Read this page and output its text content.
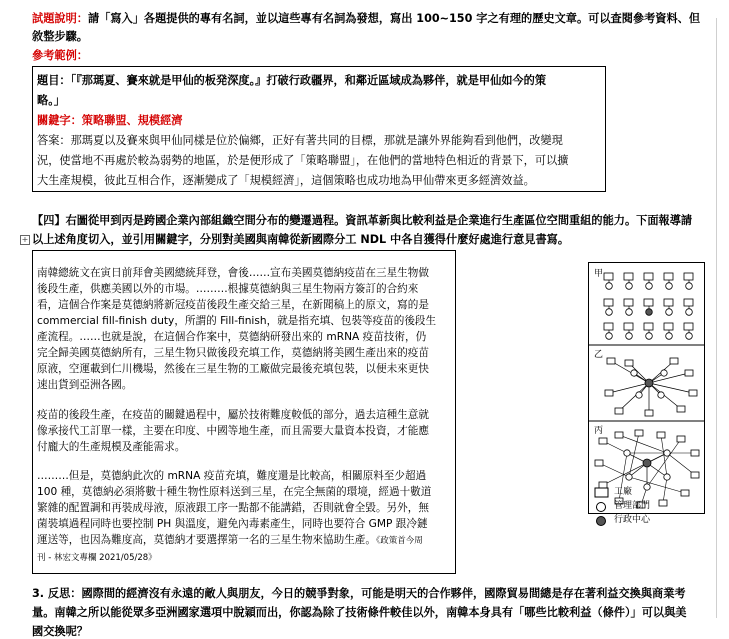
試題說明：請「寫入」各題提供的專有名詞，並以這些專有名詞為發想，寫出 100~150 字之有理的歷史文章。可以查閱參考資料、但
敘整步驟。
參考範例：
題目：「『那瑪夏、賽來就是甲仙的板発深度。』打破行政疆界，和鄰近區域成為夥伴，就是甲仙如今的策
略。」
關鍵字：策略聯盟、規模經濟
答案：那瑪夏以及賽來與甲仙同樣是位於偏鄉，正好有著共同的目標，那就是讓外界能夠看到他們，改變現
況，使當地不再處於較為弱勢的地區，於是便形成了「策略聯盟」，在他們的當地特色相近的背景下，可以擴
大生產規模，彼此互相合作，逐漸變成了「規模經濟」，這個策略也成功地為甲仙帶來更多經濟效益。
【四】右圖從甲到丙是跨國企業內部組織空間分布的變遷過程。資訊革新與比較利益是企業進行生產區位空間重組的能力。下面報導請
+ 以上述角度切入，並引用關鍵字，分別對美國與南韓從新國際分工 NDL 中各自獲得什麼好處進行意見書寫。
南韓總統文在寅日前拜會美國總統拜登，會後……宣布美國莫德納疫苗在三星生物做
後段生產，供應美國以外的市場。………根據莫德納與三星生物兩方簽訂的合約來
看，這個合作案是莫德納將新冠疫苗後段生產交給三星，在新聞稿上的原文，寫的是
commercial fill-finish duty，所謂的 Fill-finish，就是指充填、包裝等疫苗的後段生
產流程。……也就是說，在這個合作案中，莫德納研發出來的 mRNA 疫苗技術，仍
完全歸美國莫德納所有，三星生物只做後段充填工作，莫德納將美國生產出來的疫苗
原液，空運載到仁川機場，然後在三星生物的工廠做完最後充填包裝，以便未來更快
速出貨到亞洲各國。
疫苗的後段生產，在疫苗的關鍵過程中，屬於技術難度較低的部分，過去這種生意就
像承接代工訂單一樣，主要在印度、中國等地生產，而且需要大量資本投資，才能應
付龐大的生產規模及產能需求。
………但是，莫德納此次的 mRNA 疫苗充填，難度還是比較高，相關原料至少超過
100 種，莫德納必須將數十種生物性原料送到三星，在完全無菌的環境，經過十數道
繁雜的配置調和再裝成母液，原液跟工序一點都不能講錯，否則就會全毀。另外，無
菌裝填過程同時也要控制 PH 與溫度，避免內毒素產生，同時也要符合 GMP 跟冷鏈
運送等，也因為難度高，莫德納才要選擇第一名的三星生物來協助生產。《政策首今周
刊 - 林宏文專欄 2021/05/28》
甲
乙
丙
工廠
管理部門
行政中心
3. 反思：國際間的經濟沒有永遠的敵人與朋友，今日的競爭對象，可能是明天的合作夥伴，國際貿易間總是存在著利益交換與商業考
量。南韓之所以能從眾多亞洲國家選項中脫穎而出，你認為除了技術條件較佳以外，南韓本身具有「哪些比較利益（條件）」可以與美
國交換呢？
